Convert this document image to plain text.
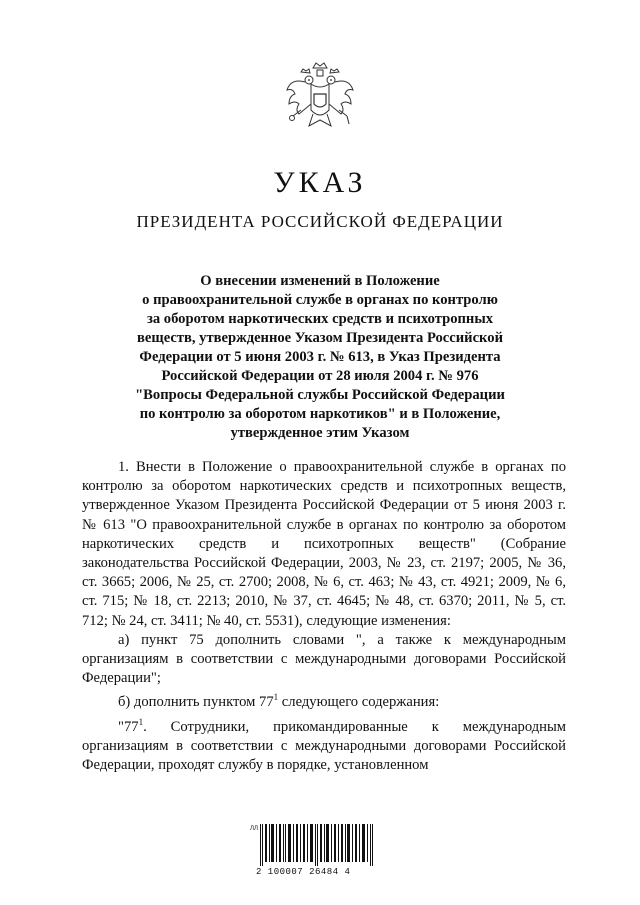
УКАЗ
ПРЕЗИДЕНТА РОССИЙСКОЙ ФЕДЕРАЦИИ
О внесении изменений в Положение
о правоохранительной службе в органах по контролю
за оборотом наркотических средств и психотропных
веществ, утвержденное Указом Президента Российской
Федерации от 5 июня 2003 г. № 613, в Указ Президента
Российской Федерации от 28 июля 2004 г. № 976
"Вопросы Федеральной службы Российской Федерации
по контролю за оборотом наркотиков" и в Положение,
утвержденное этим Указом

1. Внести в Положение о правоохранительной службе в органах по контролю за оборотом наркотических средств и психотропных веществ, утвержденное Указом Президента Российской Федерации от 5 июня 2003 г. № 613 "О правоохранительной службе в органах по контролю за оборотом наркотических средств и психотропных веществ" (Собрание законодательства Российской Федерации, 2003, № 23, ст. 2197; 2005, № 36, ст. 3665; 2006, № 25, ст. 2700; 2008, № 6, ст. 463; № 43, ст. 4921; 2009, № 6, ст. 715; № 18, ст. 2213; 2010, № 37, ст. 4645; № 48, ст. 6370; 2011, № 5, ст. 712; № 24, ст. 3411; № 40, ст. 5531), следующие изменения:

а) пункт 75 дополнить словами ", а также к международным организациям в соответствии с международными договорами Российской Федерации";

б) дополнить пунктом $77^1$ следующего содержания:

"$77^1$. Сотрудники, прикомандированные к международным организациям в соответствии с международными договорами Российской Федерации, проходят службу в порядке, установленном

ЛЛ
2 100007 26484 4
